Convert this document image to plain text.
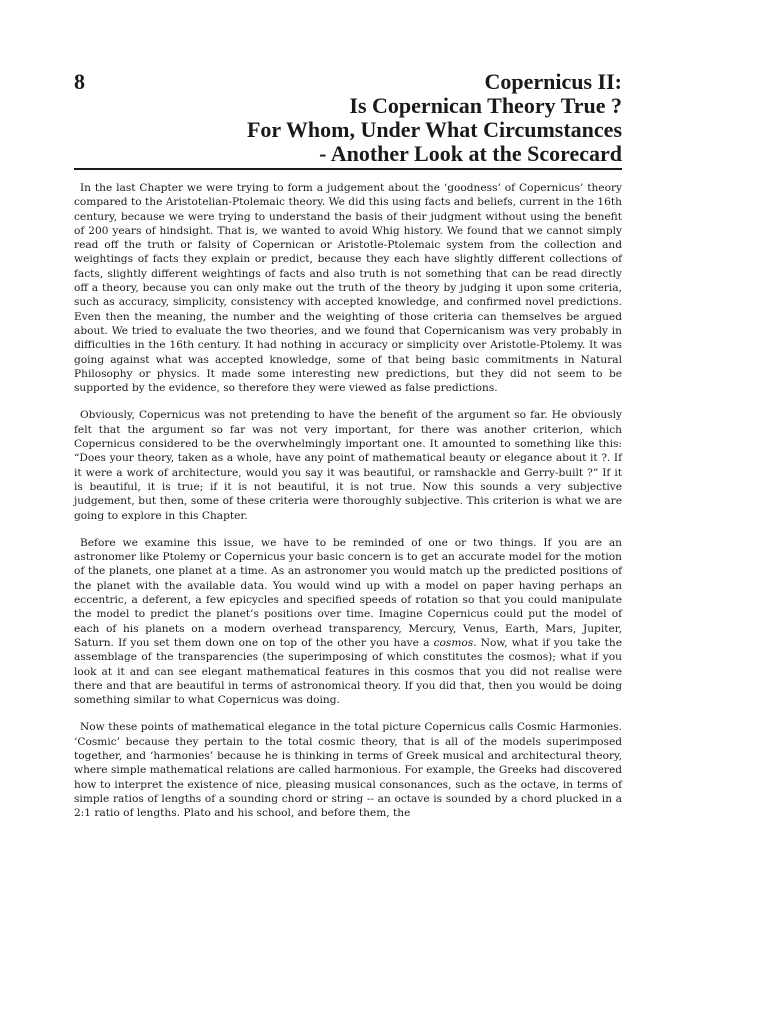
8	Copernicus II:
Is Copernican Theory True ?
For Whom, Under What Circumstances
- Another Look at the Scorecard

In the last Chapter we were trying to form a judgement about the ‘goodness’ of Copernicus’ theory compared to the Aristotelian-Ptolemaic theory. We did this using facts and beliefs, current in the 16th century, because we were trying to understand the basis of their judgment without using the benefit of 200 years of hindsight. That is, we wanted to avoid Whig history. We found that we cannot simply read off the truth or falsity of Copernican or Aristotle-Ptolemaic system from the collection and weightings of facts they explain or predict, because they each have slightly different collections of facts, slightly different weightings of facts and also truth is not something that can be read directly off a theory, because you can only make out the truth of the theory by judging it upon some criteria, such as accuracy, simplicity, consistency with accepted knowledge, and confirmed novel predictions. Even then the meaning, the number and the weighting of those criteria can themselves be argued about. We tried to evaluate the two theories, and we found that Copernicanism was very probably in difficulties in the 16th century. It had nothing in accuracy or simplicity over Aristotle-Ptolemy. It was going against what was accepted knowledge, some of that being basic commitments in Natural Philosophy or physics. It made some interesting new predictions, but they did not seem to be supported by the evidence, so therefore they were viewed as false predictions.

Obviously, Copernicus was not pretending to have the benefit of the argument so far. He obviously felt that the argument so far was not very important, for there was another criterion, which Copernicus considered to be the overwhelmingly important one. It amounted to something like this: “Does your theory, taken as a whole, have any point of mathematical beauty or elegance about it ?. If it were a work of architecture, would you say it was beautiful, or ramshackle and Gerry-built ?” If it is beautiful, it is true; if it is not beautiful, it is not true. Now this sounds a very subjective judgement, but then, some of these criteria were thoroughly subjective. This criterion is what we are going to explore in this Chapter.

Before we examine this issue, we have to be reminded of one or two things. If you are an astronomer like Ptolemy or Copernicus your basic concern is to get an accurate model for the motion of the planets, one planet at a time. As an astronomer you would match up the predicted positions of the planet with the available data. You would wind up with a model on paper having perhaps an eccentric, a deferent, a few epicycles and specified speeds of rotation so that you could manipulate the model to predict the planet’s positions over time. Imagine Copernicus could put the model of each of his planets on a modern overhead transparency, Mercury, Venus, Earth, Mars, Jupiter, Saturn. If you set them down one on top of the other you have a cosmos. Now, what if you take the assemblage of the transparencies (the superimposing of which constitutes the cosmos); what if you look at it and can see elegant mathematical features in this cosmos that you did not realise were there and that are beautiful in terms of astronomical theory. If you did that, then you would be doing something similar to what Copernicus was doing.

Now these points of mathematical elegance in the total picture Copernicus calls Cosmic Harmonies. ‘Cosmic’ because they pertain to the total cosmic theory, that is all of the models superimposed together, and ‘harmonies’ because he is thinking in terms of Greek musical and architectural theory, where simple mathematical relations are called harmonious. For example, the Greeks had discovered how to interpret the existence of nice, pleasing musical consonances, such as the octave, in terms of simple ratios of lengths of a sounding chord or string -- an octave is sounded by a chord plucked in a 2:1 ratio of lengths. Plato and his school, and before them, the
